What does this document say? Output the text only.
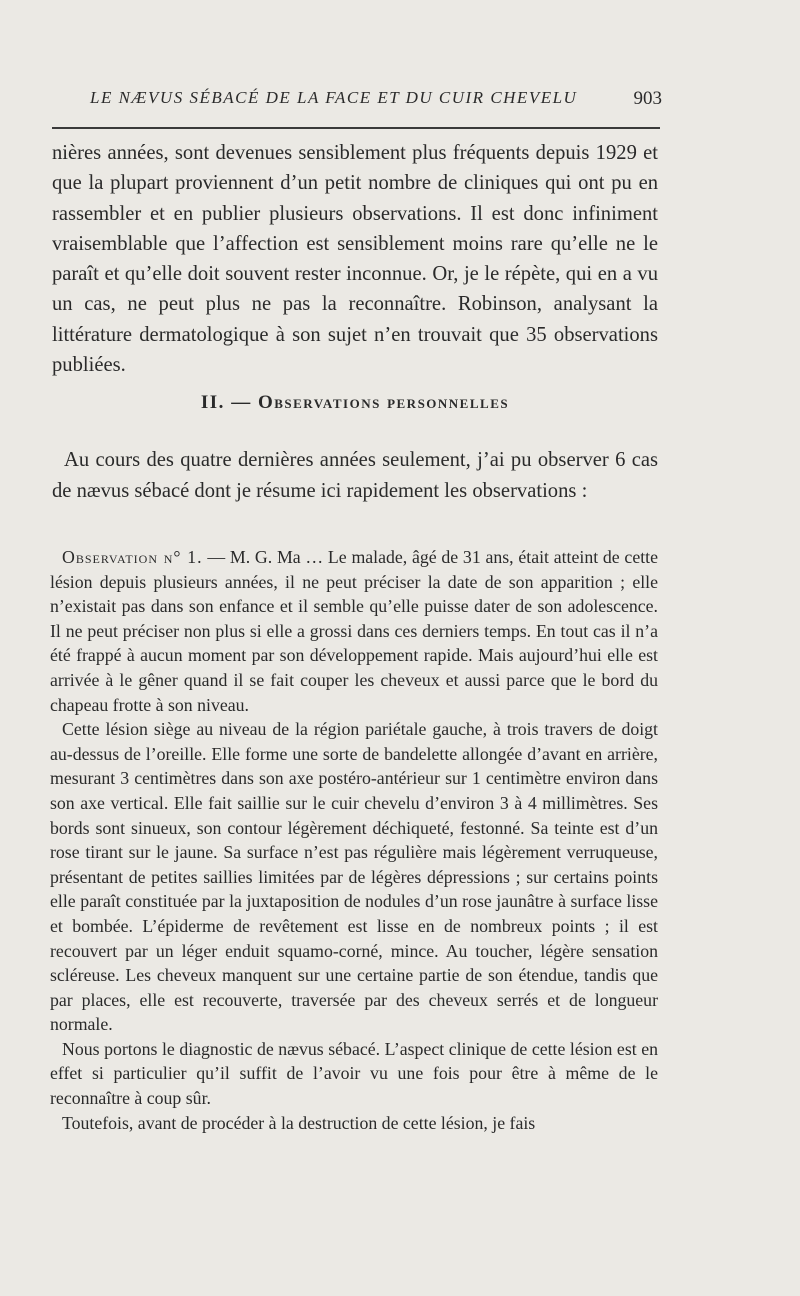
LE NÆVUS SÉBACÉ DE LA FACE ET DU CUIR CHEVELU	903

nières années, sont devenues sensiblement plus fréquents depuis 1929 et que la plupart proviennent d’un petit nombre de cliniques qui ont pu en rassembler et en publier plusieurs observations. Il est donc infiniment vraisemblable que l’affection est sensiblement moins rare qu’elle ne le paraît et qu’elle doit souvent rester inconnue. Or, je le répète, qui en a vu un cas, ne peut plus ne pas la reconnaître. Robinson, analysant la littérature dermatologique à son sujet n’en trouvait que 35 observations publiées.

II. — Observations personnelles

Au cours des quatre dernières années seulement, j’ai pu observer 6 cas de nævus sébacé dont je résume ici rapidement les observations :

Observation n° 1. — M. G. Ma … Le malade, âgé de 31 ans, était atteint de cette lésion depuis plusieurs années, il ne peut préciser la date de son apparition ; elle n’existait pas dans son enfance et il semble qu’elle puisse dater de son adolescence. Il ne peut préciser non plus si elle a grossi dans ces derniers temps. En tout cas il n’a été frappé à aucun moment par son développement rapide. Mais aujourd’hui elle est arrivée à le gêner quand il se fait couper les cheveux et aussi parce que le bord du chapeau frotte à son niveau.

Cette lésion siège au niveau de la région pariétale gauche, à trois travers de doigt au-dessus de l’oreille. Elle forme une sorte de bandelette allongée d’avant en arrière, mesurant 3 centimètres dans son axe postéro-antérieur sur 1 centimètre environ dans son axe vertical. Elle fait saillie sur le cuir chevelu d’environ 3 à 4 millimètres. Ses bords sont sinueux, son contour légèrement déchiqueté, festonné. Sa teinte est d’un rose tirant sur le jaune. Sa surface n’est pas régulière mais légèrement verruqueuse, présentant de petites saillies limitées par de légères dépressions ; sur certains points elle paraît constituée par la juxtaposition de nodules d’un rose jaunâtre à surface lisse et bombée. L’épiderme de revêtement est lisse en de nombreux points ; il est recouvert par un léger enduit squamo-corné, mince. Au toucher, légère sensation scléreuse. Les cheveux manquent sur une certaine partie de son étendue, tandis que par places, elle est recouverte, traversée par des cheveux serrés et de longueur normale.

Nous portons le diagnostic de nævus sébacé. L’aspect clinique de cette lésion est en effet si particulier qu’il suffit de l’avoir vu une fois pour être à même de le reconnaître à coup sûr.

Toutefois, avant de procéder à la destruction de cette lésion, je fais
